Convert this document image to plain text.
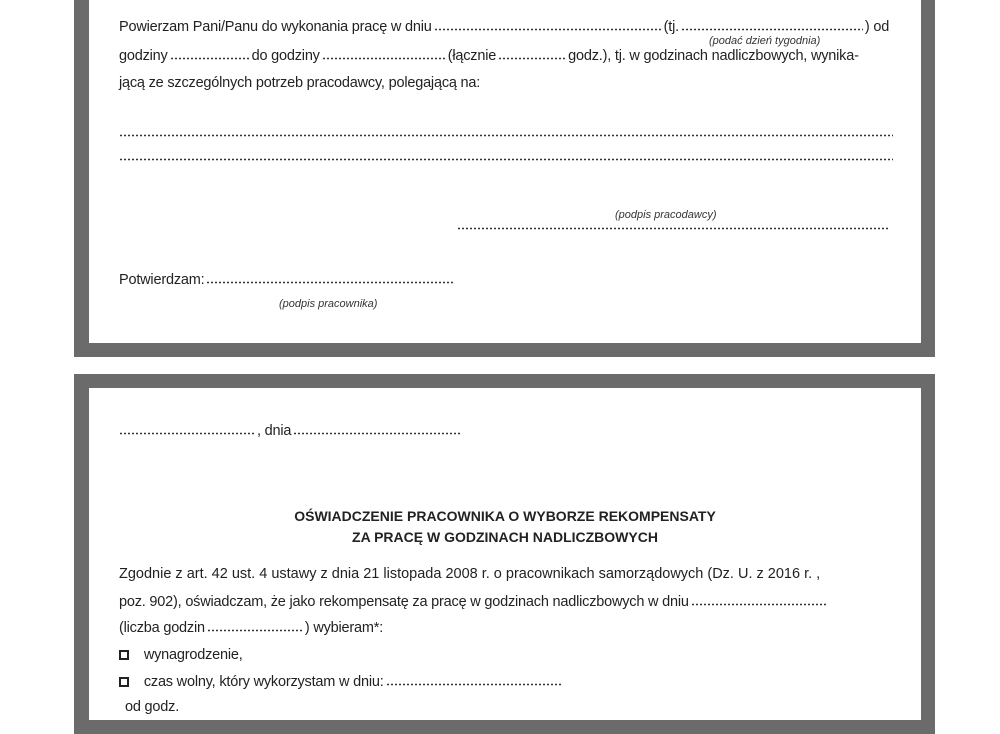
Powierzam Pani/Panu do wykonania pracę w dniu	(tj.	) od
(podać dzień tygodnia)
godziny	do godziny	(łącznie	godz.), tj. w godzinach nadliczbowych, wynika-
jącą ze szczególnych potrzeb pracodawcy, polegającą na:
(podpis pracodawcy)
Potwierdzam:
(podpis pracownika)
, dnia
OŚWIADCZENIE PRACOWNIKA O WYBORZE REKOMPENSATY
ZA PRACĘ W GODZINACH NADLICZBOWYCH
Zgodnie z art. 42 ust. 4 ustawy z dnia 21 listopada 2008 r. o pracownikach samorządowych (Dz. U. z 2016 r. ,
poz. 902), oświadczam, że jako rekompensatę za pracę w godzinach nadliczbowych w dniu
(liczba godzin	) wybieram*:
wynagrodzenie,
czas wolny, który wykorzystam w dniu:
od godz.
